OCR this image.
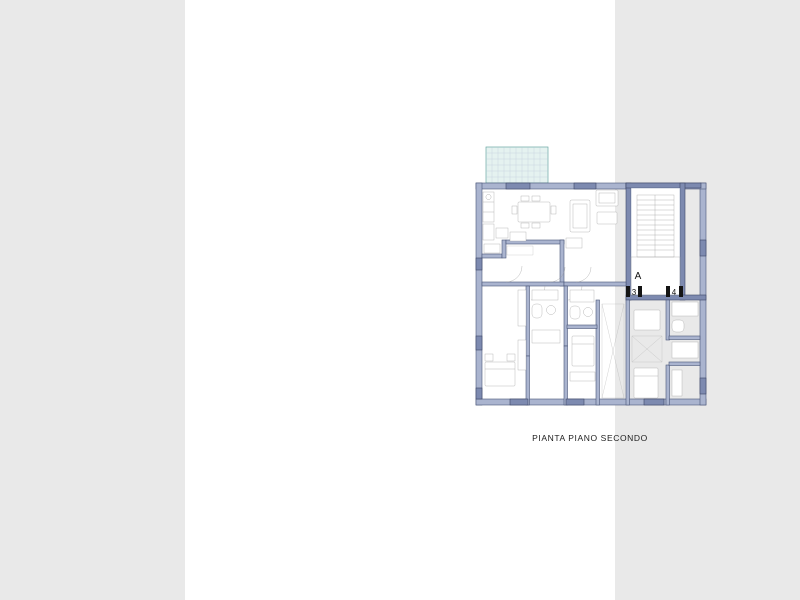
A
3	4
PIANTA PIANO SECONDO
